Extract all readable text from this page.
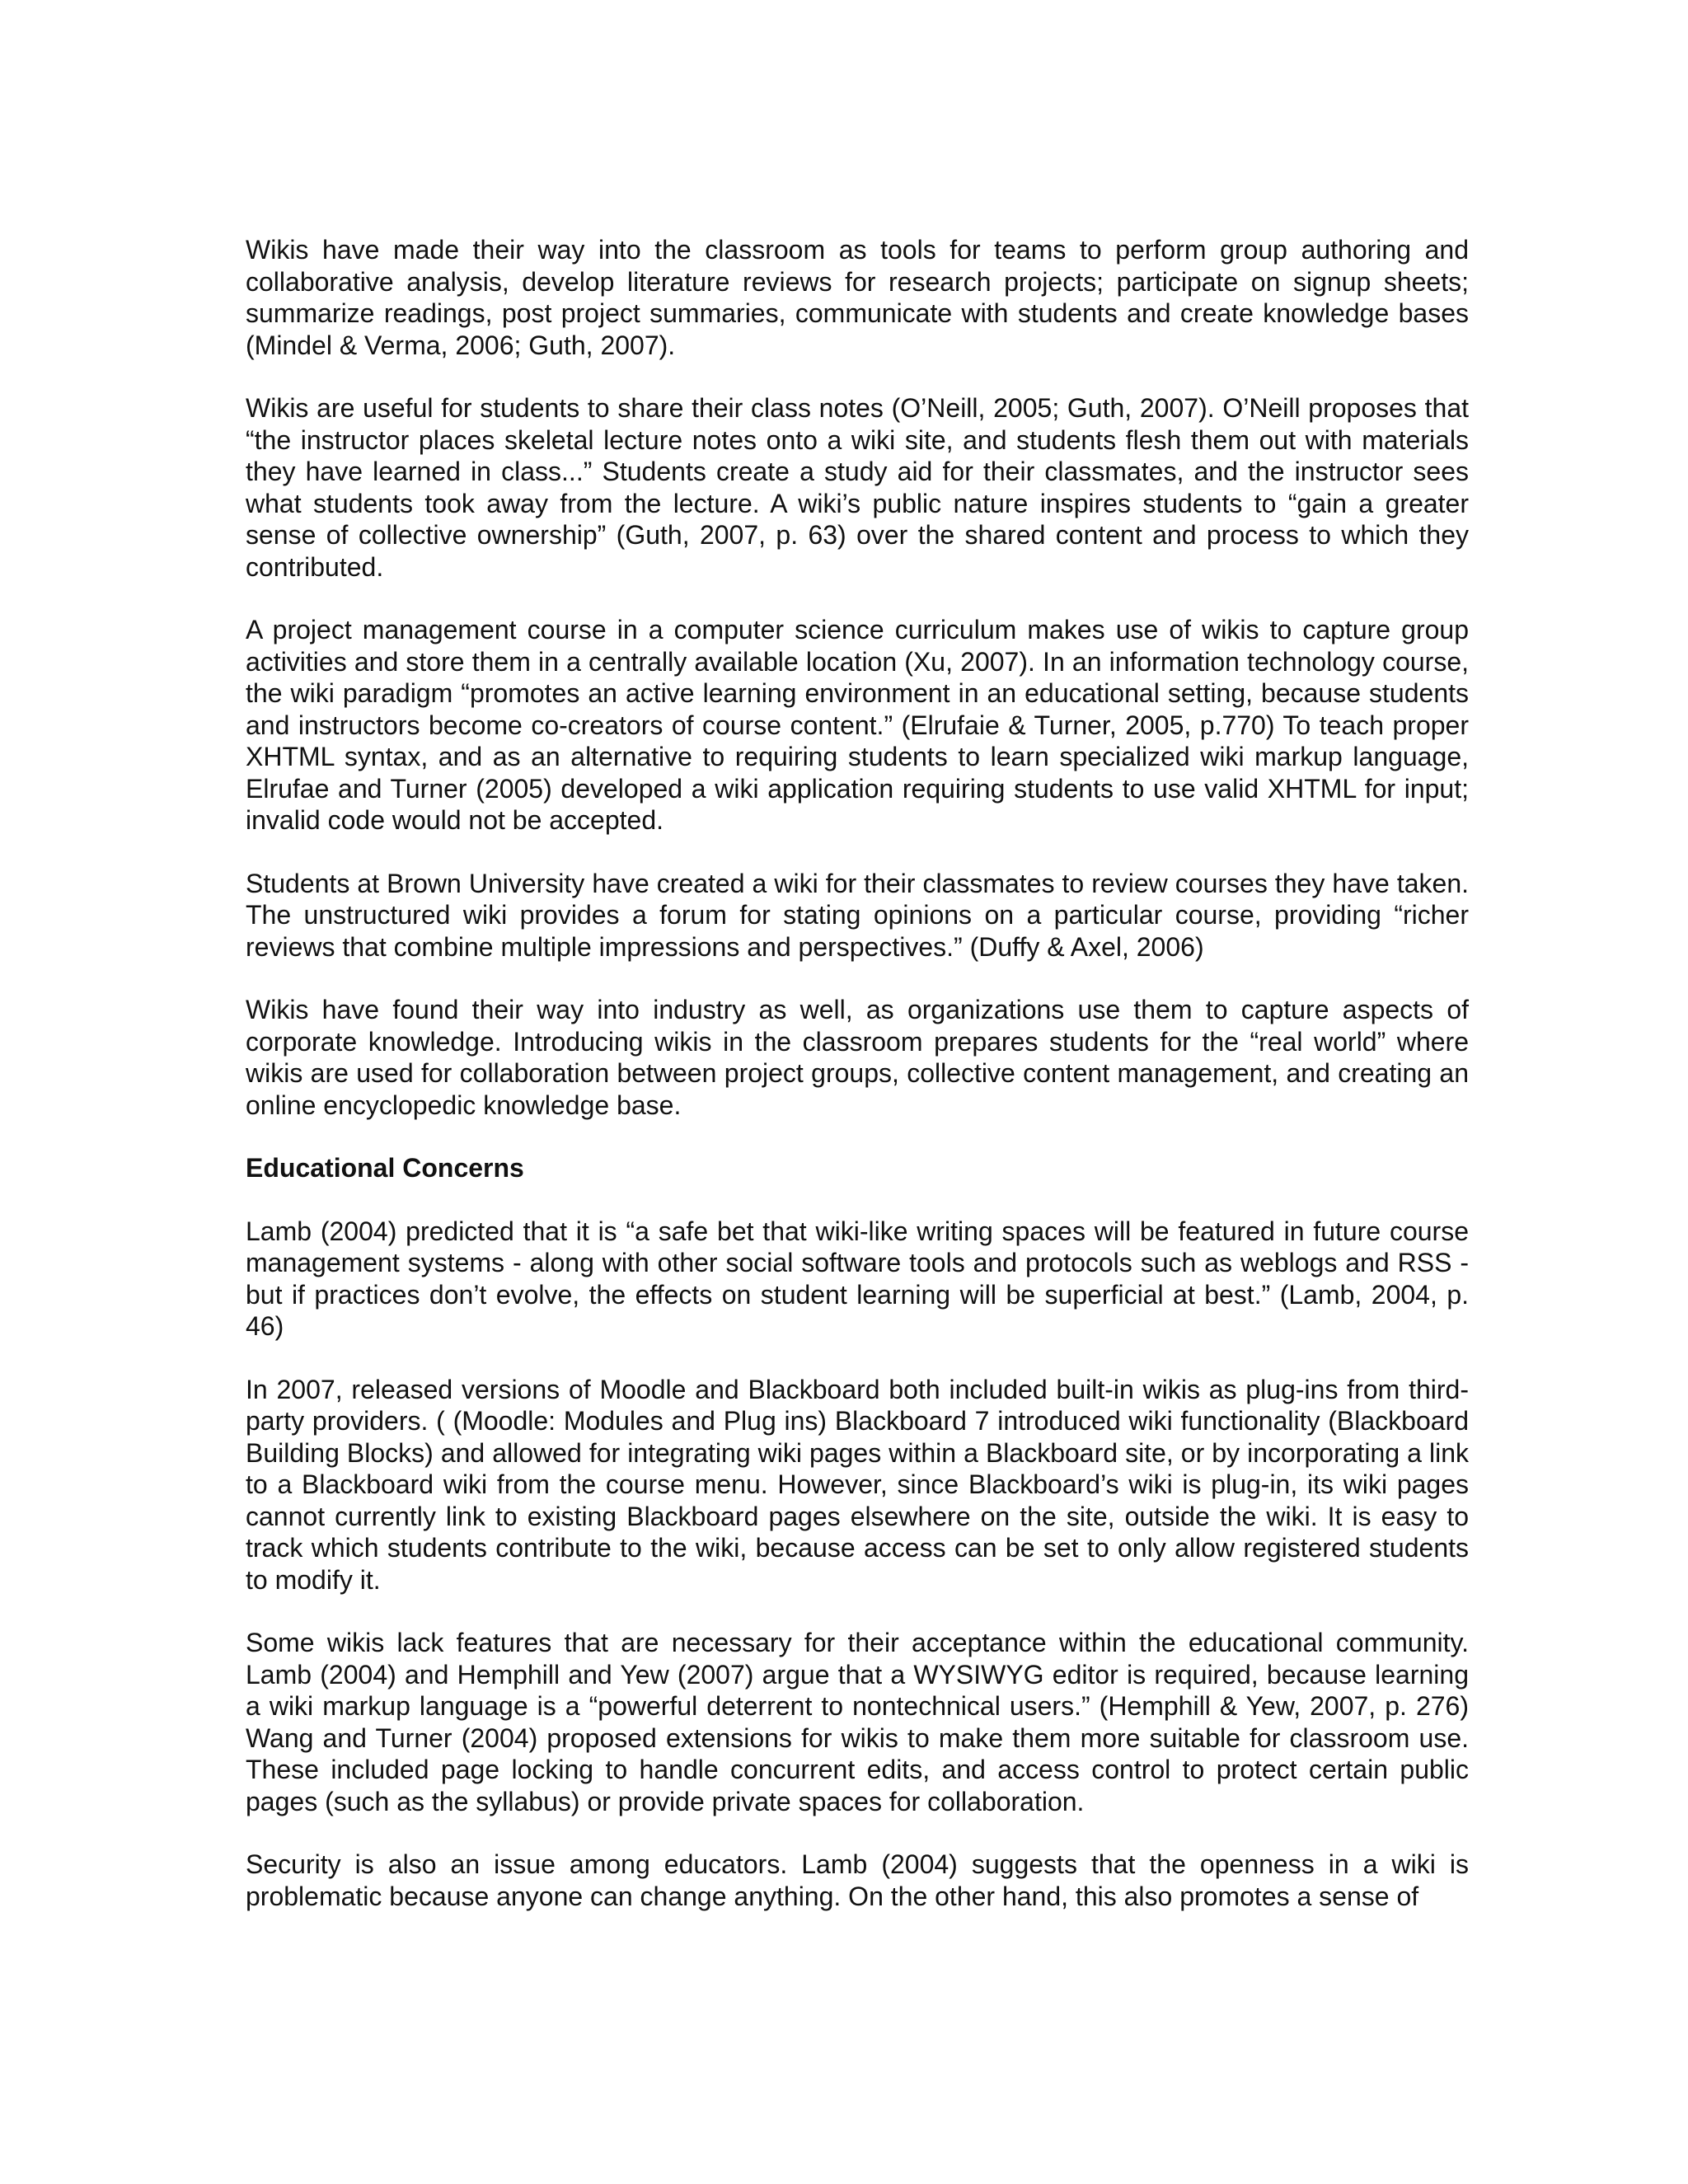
Wikis have made their way into the classroom as tools for teams to perform group authoring and collaborative analysis, develop literature reviews for research projects; participate on signup sheets; summarize readings, post project summaries, communicate with students and create knowledge bases (Mindel & Verma, 2006; Guth, 2007).

Wikis are useful for students to share their class notes (O’Neill, 2005; Guth, 2007). O’Neill proposes that “the instructor places skeletal lecture notes onto a wiki site, and students flesh them out with materials they have learned in class...” Students create a study aid for their classmates, and the instructor sees what students took away from the lecture. A wiki’s public nature inspires students to “gain a greater sense of collective ownership” (Guth, 2007, p. 63) over the shared content and process to which they contributed.

A project management course in a computer science curriculum makes use of wikis to capture group activities and store them in a centrally available location (Xu, 2007). In an information technology course, the wiki paradigm “promotes an active learning environment in an educational setting, because students and instructors become co-creators of course content.” (Elrufaie & Turner, 2005, p.770) To teach proper XHTML syntax, and as an alternative to requiring students to learn specialized wiki markup language, Elrufae and Turner (2005) developed a wiki application requiring students to use valid XHTML for input; invalid code would not be accepted.

Students at Brown University have created a wiki for their classmates to review courses they have taken. The unstructured wiki provides a forum for stating opinions on a particular course, providing “richer reviews that combine multiple impressions and perspectives.” (Duffy & Axel, 2006)

Wikis have found their way into industry as well, as organizations use them to capture aspects of corporate knowledge. Introducing wikis in the classroom prepares students for the “real world” where wikis are used for collaboration between project groups, collective content management, and creating an online encyclopedic knowledge base.

Educational Concerns

Lamb (2004) predicted that it is “a safe bet that wiki-like writing spaces will be featured in future course management systems - along with other social software tools and protocols such as weblogs and RSS -but if practices don’t evolve, the effects on student learning will be superficial at best.” (Lamb, 2004, p. 46)

In 2007, released versions of Moodle and Blackboard both included built-in wikis as plug-ins from third-party providers. ( (Moodle: Modules and Plug ins) Blackboard 7 introduced wiki functionality (Blackboard Building Blocks) and allowed for integrating wiki pages within a Blackboard site, or by incorporating a link to a Blackboard wiki from the course menu. However, since Blackboard’s wiki is plug-in, its wiki pages cannot currently link to existing Blackboard pages elsewhere on the site, outside the wiki. It is easy to track which students contribute to the wiki, because access can be set to only allow registered students to modify it.

Some wikis lack features that are necessary for their acceptance within the educational community. Lamb (2004) and Hemphill and Yew (2007) argue that a WYSIWYG editor is required, because learning a wiki markup language is a “powerful deterrent to nontechnical users.” (Hemphill & Yew, 2007, p. 276) Wang and Turner (2004) proposed extensions for wikis to make them more suitable for classroom use. These included page locking to handle concurrent edits, and access control to protect certain public pages (such as the syllabus) or provide private spaces for collaboration.

Security is also an issue among educators. Lamb (2004) suggests that the openness in a wiki is problematic because anyone can change anything. On the other hand, this also promotes a sense of
